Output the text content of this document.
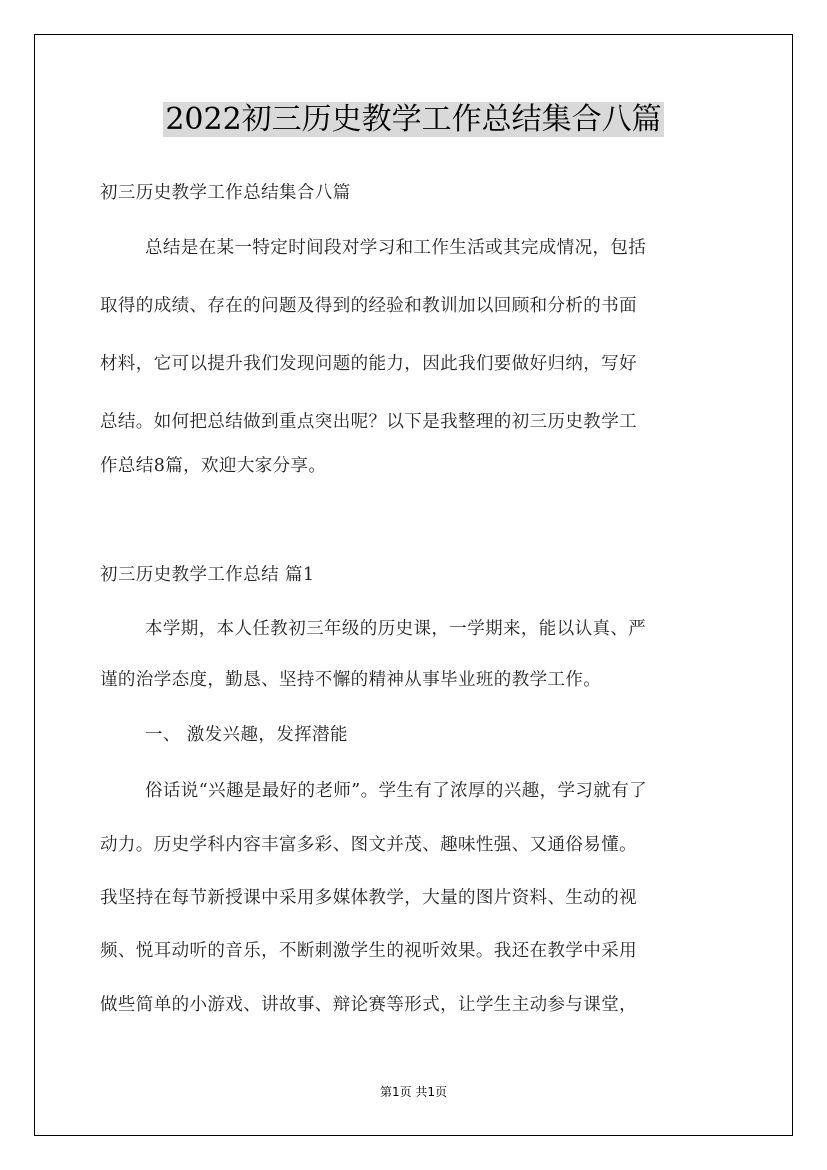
2022初三历史教学工作总结集合八篇
初三历史教学工作总结集合八篇
总结是在某一特定时间段对学习和工作生活或其完成情况，包括
取得的成绩、存在的问题及得到的经验和教训加以回顾和分析的书面
材料，它可以提升我们发现问题的能力，因此我们要做好归纳，写好
总结。如何把总结做到重点突出呢？以下是我整理的初三历史教学工
作总结8篇，欢迎大家分享。
初三历史教学工作总结 篇1
本学期，本人任教初三年级的历史课，一学期来，能以认真、严
谨的治学态度，勤恳、坚持不懈的精神从事毕业班的教学工作。
一、 激发兴趣，发挥潜能
俗话说“兴趣是最好的老师”。学生有了浓厚的兴趣，学习就有了
动力。历史学科内容丰富多彩、图文并茂、趣味性强、又通俗易懂。
我坚持在每节新授课中采用多媒体教学，大量的图片资料、生动的视
频、悦耳动听的音乐，不断刺激学生的视听效果。我还在教学中采用
做些简单的小游戏、讲故事、辩论赛等形式，让学生主动参与课堂，
第1页 共1页
